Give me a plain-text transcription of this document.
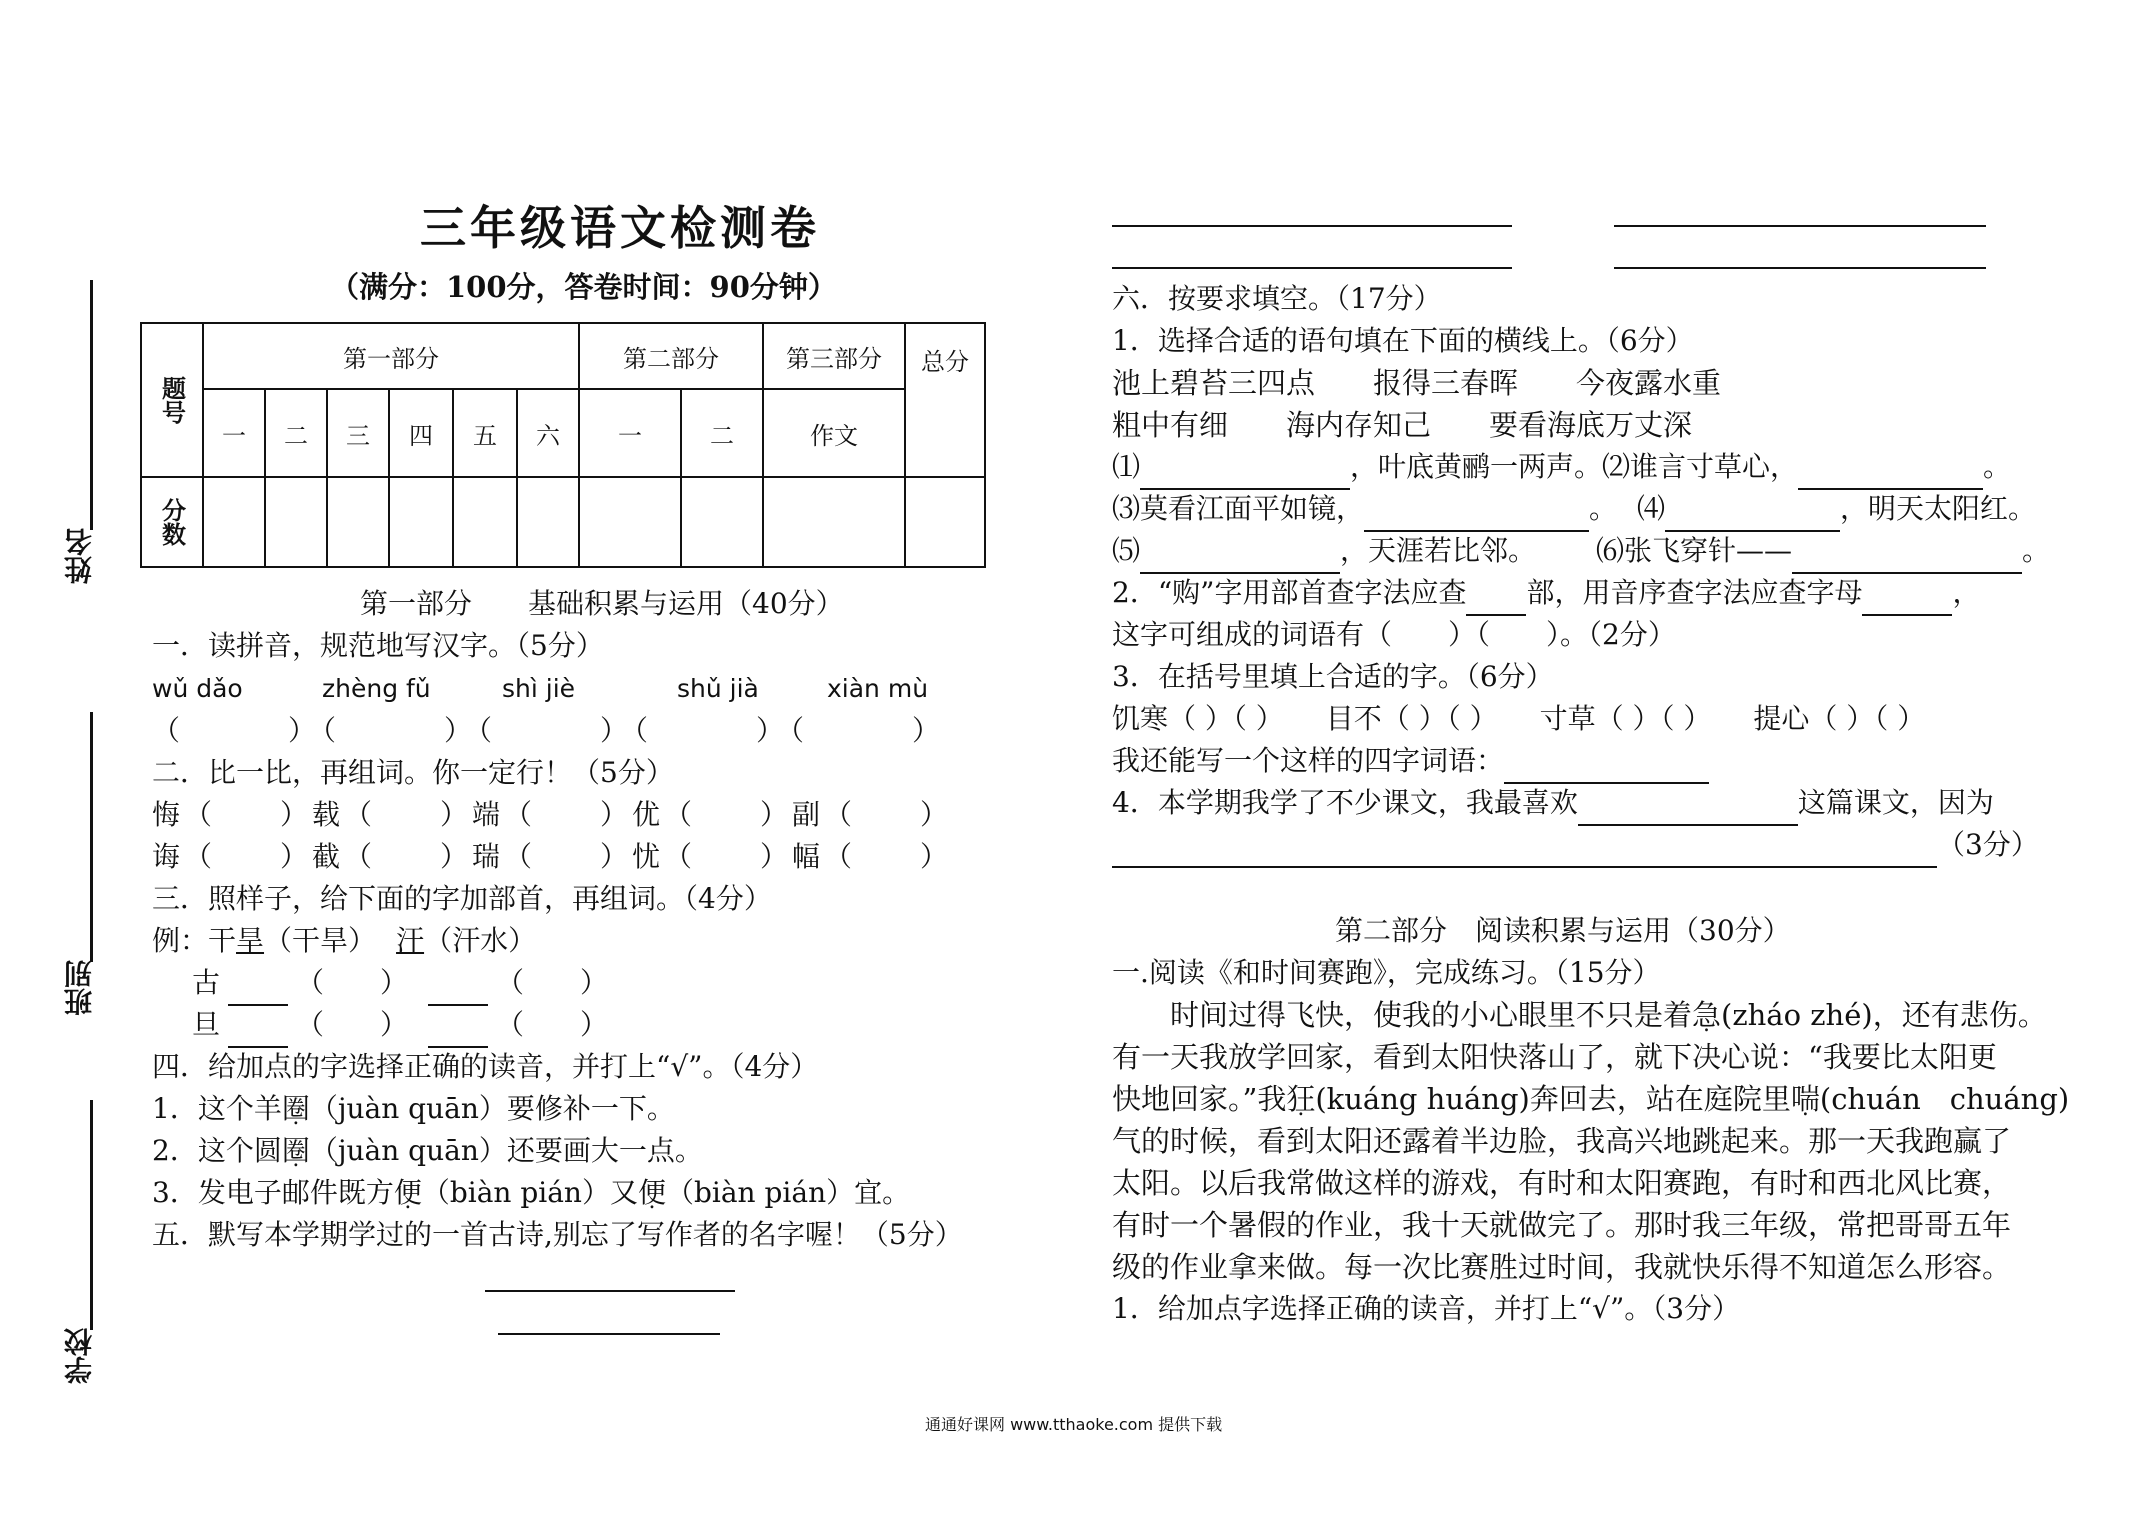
姓名
班别
学校
三年级语文检测卷
（满分：100分，答卷时间：90分钟）
题号	第一部分						第二部分		第三部分	总分
	一	二	三	四	五	六	一	二	作文	

分数										

第一部分　　基础积累与运用（40分）
一．读拼音，规范地写汉字。（5分）
wǔ dǎo	zhèng fǔ	shì jiè	shǔ jià	xiàn mù
（　　　）（　　　）（　　　）（　　　）（　　　）
二．比一比，再组词。你一定行！（5分）
悔（　　）载（　　）端（　　）优（　　）副（　　）
诲（　　）截（　　）瑞（　　）忧（　　）幅（　　）
三．照样子，给下面的字加部首，再组词。（4分）
例：干旱（干旱） 汗（汗水）
古	（　　）	（　　）
旦	（　　）	（　　）
四．给加点的字选择正确的读音，并打上“√”。（4分）
1．这个羊圈（juàn quān）要修补一下。
2．这个圆圈（juàn quān）还要画大一点。
3．发电子邮件既方便（biàn pián）又便（biàn pián）宜。
五．默写本学期学过的一首古诗,别忘了写作者的名字喔！（5分）
六．按要求填空。（17分）
1．选择合适的语句填在下面的横线上。（6分）
池上碧苔三四点　　报得三春晖　　今夜露水重
粗中有细　　海内存知己　　要看海底万丈深
⑴	，叶底黄鹂一两声。⑵谁言寸草心，	。
⑶莫看江面平如镜，	。 ⑷	，明天太阳红。
⑸	，天涯若比邻。 ⑹张飞穿针——	。
2．“购”字用部首查字法应查 部，用音序查字法应查字母	，
这字可组成的词语有（　　）（　　）。（2分）
3．在括号里填上合适的字。（6分）
饥寒（ ）（ ）　　目不（ ）（ ）　　寸草（ ）（ ）　　提心（ ）（ ）
我还能写一个这样的四字词语：
4．本学期我学了不少课文，我最喜欢	这篇课文，因为
（3分）
第二部分　阅读积累与运用（30分）
一.阅读《和时间赛跑》，完成练习。（15分）
　　时间过得飞快，使我的小心眼里不只是着急(zháo zhé)，还有悲伤。
有一天我放学回家，看到太阳快落山了，就下决心说：“我要比太阳更
快地回家。”我狂(kuáng huáng)奔回去，站在庭院里喘(chuán　chuáng)
气的时候，看到太阳还露着半边脸，我高兴地跳起来。那一天我跑赢了
太阳。以后我常做这样的游戏，有时和太阳赛跑，有时和西北风比赛，
有时一个暑假的作业，我十天就做完了。那时我三年级，常把哥哥五年
级的作业拿来做。每一次比赛胜过时间，我就快乐得不知道怎么形容。
1．给加点字选择正确的读音，并打上“√”。（3分）
通通好课网 www.tthaoke.com 提供下载
